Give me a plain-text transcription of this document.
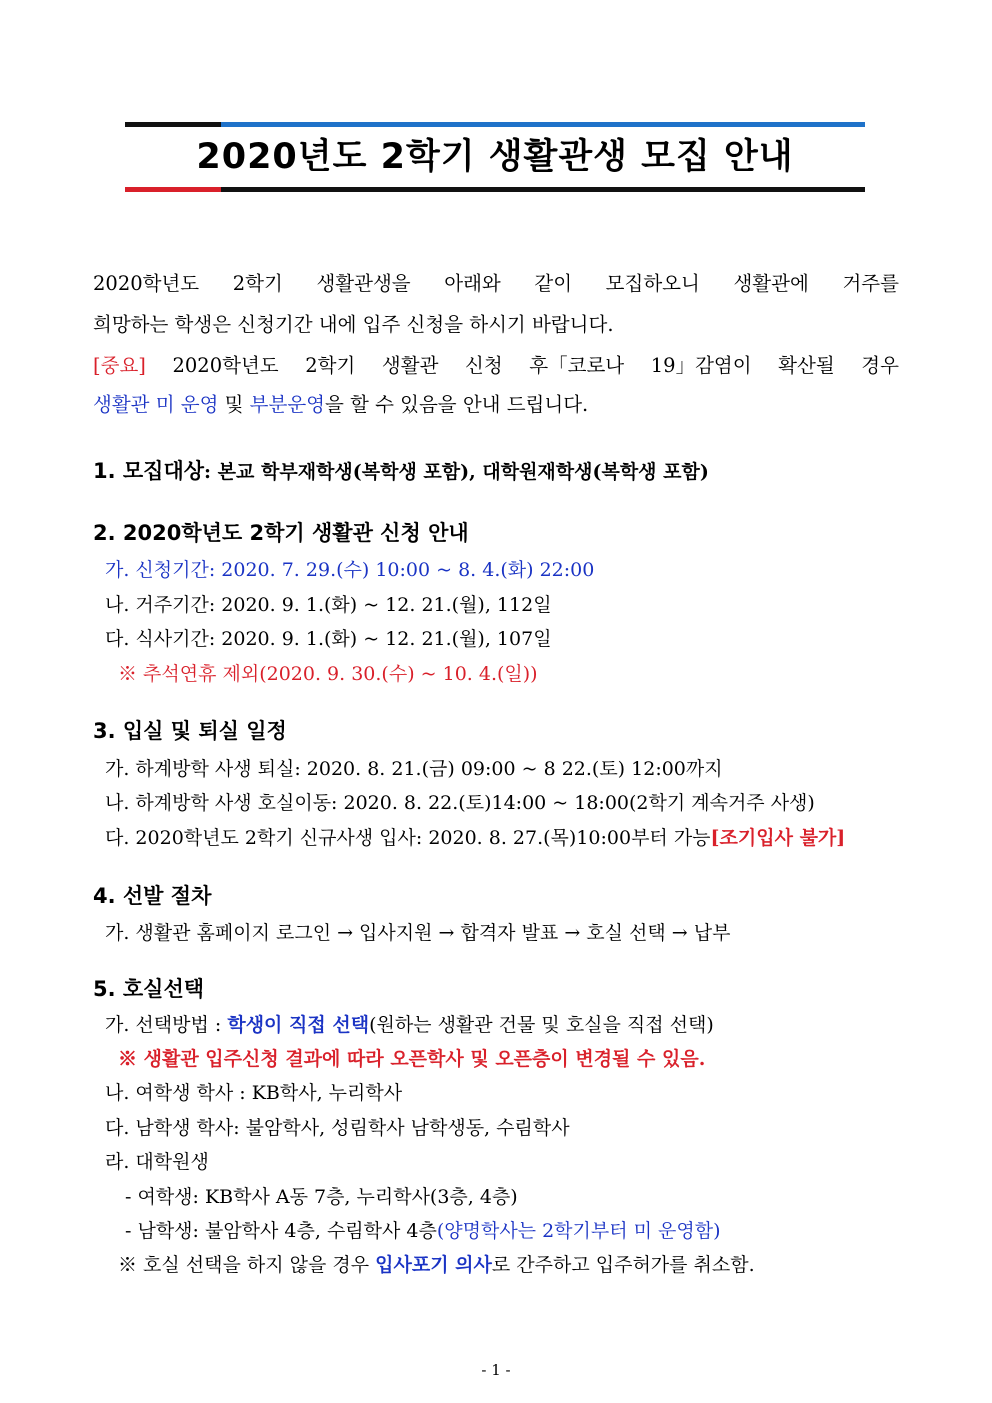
2020년도 2학기 생활관생 모집 안내
2020학년도 2학기 생활관생을 아래와 같이 모집하오니 생활관에 거주를
희망하는 학생은 신청기간 내에 입주 신청을 하시기 바랍니다.
[중요] 2020학년도 2학기 생활관 신청 후「코로나 19」감염이 확산될 경우
생활관 미 운영 및 부분운영을 할 수 있음을 안내 드립니다.
1. 모집대상: 본교 학부재학생(복학생 포함), 대학원재학생(복학생 포함)
2. 2020학년도 2학기 생활관 신청 안내
가. 신청기간: 2020. 7. 29.(수) 10:00 ~ 8. 4.(화) 22:00
나. 거주기간: 2020. 9. 1.(화) ~ 12. 21.(월), 112일
다. 식사기간: 2020. 9. 1.(화) ~ 12. 21.(월), 107일
※ 추석연휴 제외(2020. 9. 30.(수) ~ 10. 4.(일))
3. 입실 및 퇴실 일정
가. 하계방학 사생 퇴실: 2020. 8. 21.(금) 09:00 ~ 8 22.(토) 12:00까지
나. 하계방학 사생 호실이동: 2020. 8. 22.(토)14:00 ~ 18:00(2학기 계속거주 사생)
다. 2020학년도 2학기 신규사생 입사: 2020. 8. 27.(목)10:00부터 가능[조기입사 불가]
4. 선발 절차
가. 생활관 홈페이지 로그인 → 입사지원 → 합격자 발표 → 호실 선택 → 납부
5. 호실선택
가. 선택방법 : 학생이 직접 선택(원하는 생활관 건물 및 호실을 직접 선택)
※ 생활관 입주신청 결과에 따라 오픈학사 및 오픈층이 변경될 수 있음.
나. 여학생 학사 : KB학사, 누리학사
다. 남학생 학사: 불암학사, 성림학사 남학생동, 수림학사
라. 대학원생
- 여학생: KB학사 A동 7층, 누리학사(3층, 4층)
- 남학생: 불암학사 4층, 수림학사 4층(양명학사는 2학기부터 미 운영함)
※ 호실 선택을 하지 않을 경우 입사포기 의사로 간주하고 입주허가를 취소함.
- 1 -
